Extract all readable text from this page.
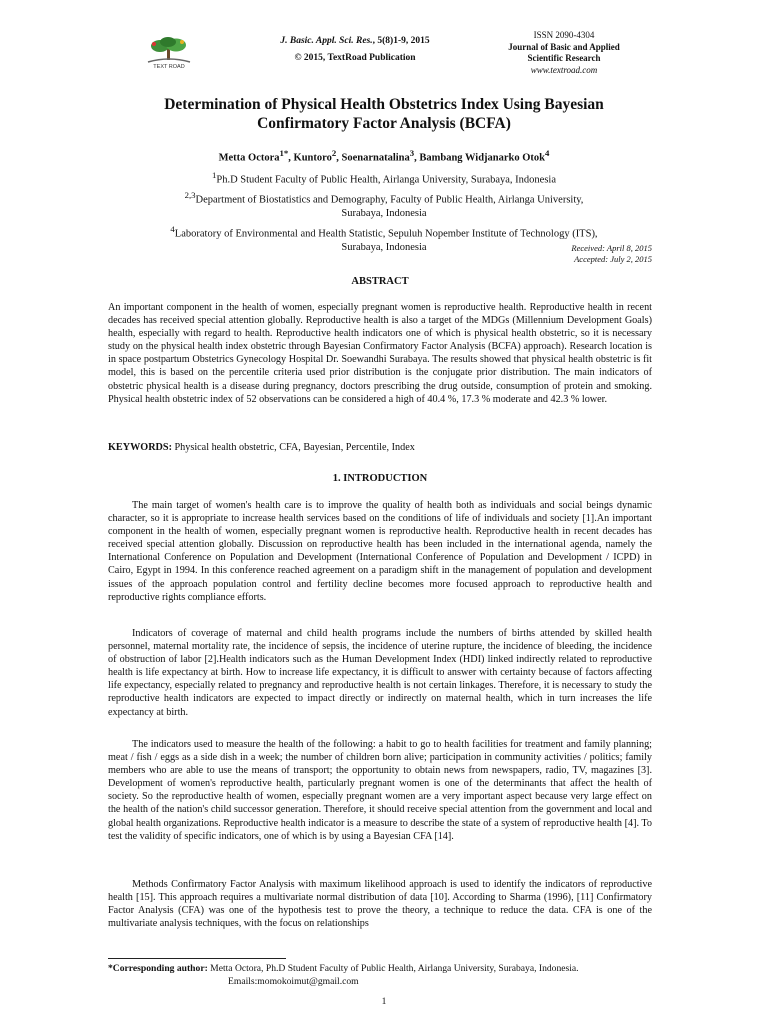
TEXT ROAD
J. Basic. Appl. Sci. Res., 5(8)1-9, 2015
© 2015, TextRoad Publication
ISSN 2090-4304
Journal of Basic and Applied
Scientific Research
www.textroad.com
Determination of Physical Health Obstetrics Index Using Bayesian
Confirmatory Factor Analysis (BCFA)
Metta Octora$^{1*}$, Kuntoro$^2$, Soenarnatalina$^3$, Bambang Widjanarko Otok$^4$
$^1$Ph.D Student Faculty of Public Health, Airlanga University, Surabaya, Indonesia
$^{2,3}$Department of Biostatistics and Demography, Faculty of Public Health, Airlanga University,
Surabaya, Indonesia
$^4$Laboratory of Environmental and Health Statistic, Sepuluh Nopember Institute of Technology (ITS),
Surabaya, Indonesia	Received: April 8, 2015
Accepted: July 2, 2015
ABSTRACT
An important component in the health of women, especially pregnant women is reproductive health. Reproductive health in recent decades has received special attention globally. Reproductive health is also a target of the MDGs (Millennium Development Goals) health, especially with regard to health. Reproductive health indicators one of which is physical health obstetric, so it is necessary study on the physical health index obstetric through Bayesian Confirmatory Factor Analysis (BCFA) approach). Research location is in space postpartum Obstetrics Gynecology Hospital Dr. Soewandhi Surabaya. The results showed that physical health obstetric is fit model, this is based on the percentile criteria used prior distribution is the conjugate prior distribution. The main indicators of obstetric physical health is a disease during pregnancy, doctors prescribing the drug outside, consumption of protein and smoking. Physical health obstetric index of 52 observations can be considered a high of 40.4 %, 17.3 % moderate and 42.3 % lower.
KEYWORDS: Physical health obstetric, CFA, Bayesian, Percentile, Index
1. INTRODUCTION
The main target of women's health care is to improve the quality of health both as individuals and social beings dynamic character, so it is appropriate to increase health services based on the conditions of life of individuals and society [1].An important component in the health of women, especially pregnant women is reproductive health. Reproductive health in recent decades has received special attention globally. Discussion on reproductive health has been included in the international agenda, namely the International Conference on Population and Development (International Conference of Population and Development / ICPD) in Cairo, Egypt in 1994. In this conference reached agreement on a paradigm shift in the management of population and development issues of the approach population control and fertility decline becomes more focused approach to reproductive health and reproductive rights compliance efforts.
Indicators of coverage of maternal and child health programs include the numbers of births attended by skilled health personnel, maternal mortality rate, the incidence of sepsis, the incidence of uterine rupture, the incidence of bleeding, the incidence of obstruction of labor [2].Health indicators such as the Human Development Index (HDI) linked indirectly related to reproductive health is life expectancy at birth. How to increase life expectancy, it is difficult to answer with certainty because of factors affecting life expectancy, especially related to pregnancy and reproductive health is not certain linkages. Therefore, it is necessary to study the reproductive health indicators are expected to impact directly or indirectly on maternal health, which in turn increases the life expectancy at birth.
The indicators used to measure the health of the following: a habit to go to health facilities for treatment and family planning; meat / fish / eggs as a side dish in a week; the number of children born alive; participation in community activities / politics; family members who are able to use the means of transport; the opportunity to obtain news from newspapers, radio, TV, magazines [3]. Development of women's reproductive health, particularly pregnant women is one of the determinants that affect the health of society. So the reproductive health of women, especially pregnant women are a very important aspect because very large effect on the health of the nation's child successor generation. Therefore, it should receive special attention from the government and local and global health organizations. Reproductive health indicator is a measure to describe the state of a system of reproductive health [4]. To test the validity of specific indicators, one of which is by using a Bayesian CFA [14].
Methods Confirmatory Factor Analysis with maximum likelihood approach is used to identify the indicators of reproductive health [15]. This approach requires a multivariate normal distribution of data [10]. According to Sharma (1996), [11] Confirmatory Factor Analysis (CFA) was one of the hypothesis test to prove the theory, a technique to reduce the data. CFA is one of the multivariate analysis techniques, with the focus on relationships
*Corresponding author: Metta Octora, Ph.D Student Faculty of Public Health, Airlanga University, Surabaya, Indonesia.
Emails:momokoimut@gmail.com
1
